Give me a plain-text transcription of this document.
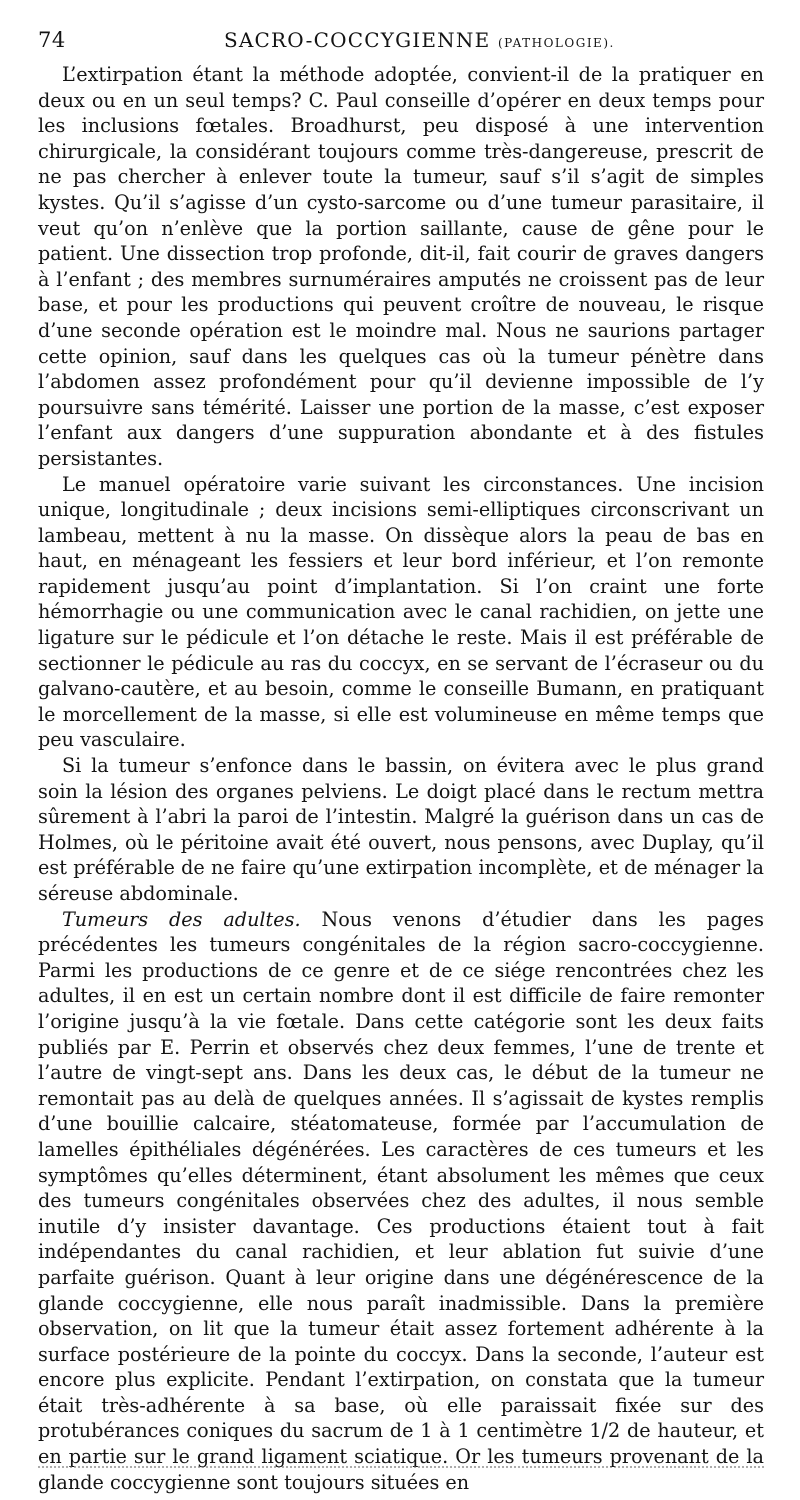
74	SACRO-COCCYGIENNE (PATHOLOGIE).

L’extirpation étant la méthode adoptée, convient-il de la pratiquer en deux ou en un seul temps? C. Paul conseille d’opérer en deux temps pour les inclusions fœtales. Broadhurst, peu disposé à une intervention chirurgicale, la considérant toujours comme très-dangereuse, prescrit de ne pas chercher à enlever toute la tumeur, sauf s’il s’agit de simples kystes. Qu’il s’agisse d’un cysto-sarcome ou d’une tumeur parasitaire, il veut qu’on n’enlève que la portion saillante, cause de gêne pour le patient. Une dissection trop profonde, dit-il, fait courir de graves dangers à l’enfant ; des membres surnuméraires amputés ne croissent pas de leur base, et pour les productions qui peuvent croître de nouveau, le risque d’une seconde opération est le moindre mal. Nous ne saurions partager cette opinion, sauf dans les quelques cas où la tumeur pénètre dans l’abdomen assez profondément pour qu’il devienne impossible de l’y poursuivre sans témérité. Laisser une portion de la masse, c’est exposer l’enfant aux dangers d’une suppuration abondante et à des fistules persistantes.

Le manuel opératoire varie suivant les circonstances. Une incision unique, longitudinale ; deux incisions semi-elliptiques circonscrivant un lambeau, mettent à nu la masse. On dissèque alors la peau de bas en haut, en ménageant les fessiers et leur bord inférieur, et l’on remonte rapidement jusqu’au point d’implantation. Si l’on craint une forte hémorrhagie ou une communication avec le canal rachidien, on jette une ligature sur le pédicule et l’on détache le reste. Mais il est préférable de sectionner le pédicule au ras du coccyx, en se servant de l’écraseur ou du galvano-cautère, et au besoin, comme le conseille Bumann, en pratiquant le morcellement de la masse, si elle est volumineuse en même temps que peu vasculaire.

Si la tumeur s’enfonce dans le bassin, on évitera avec le plus grand soin la lésion des organes pelviens. Le doigt placé dans le rectum mettra sûrement à l’abri la paroi de l’intestin. Malgré la guérison dans un cas de Holmes, où le péritoine avait été ouvert, nous pensons, avec Duplay, qu’il est préférable de ne faire qu’une extirpation incomplète, et de ménager la séreuse abdominale.

Tumeurs des adultes. Nous venons d’étudier dans les pages précédentes les tumeurs congénitales de la région sacro-coccygienne. Parmi les productions de ce genre et de ce siége rencontrées chez les adultes, il en est un certain nombre dont il est difficile de faire remonter l’origine jusqu’à la vie fœtale. Dans cette catégorie sont les deux faits publiés par E. Perrin et observés chez deux femmes, l’une de trente et l’autre de vingt-sept ans. Dans les deux cas, le début de la tumeur ne remontait pas au delà de quelques années. Il s’agissait de kystes remplis d’une bouillie calcaire, stéatomateuse, formée par l’accumulation de lamelles épithéliales dégénérées. Les caractères de ces tumeurs et les symptômes qu’elles déterminent, étant absolument les mêmes que ceux des tumeurs congénitales observées chez des adultes, il nous semble inutile d’y insister davantage. Ces productions étaient tout à fait indépendantes du canal rachidien, et leur ablation fut suivie d’une parfaite guérison. Quant à leur origine dans une dégénérescence de la glande coccygienne, elle nous paraît inadmissible. Dans la première observation, on lit que la tumeur était assez fortement adhérente à la surface postérieure de la pointe du coccyx. Dans la seconde, l’auteur est encore plus explicite. Pendant l’extirpation, on constata que la tumeur était très-adhérente à sa base, où elle paraissait fixée sur des protubérances coniques du sacrum de 1 à 1 centimètre 1/2 de hauteur, et en partie sur le grand ligament sciatique. Or les tumeurs provenant de la glande coccygienne sont toujours situées en
